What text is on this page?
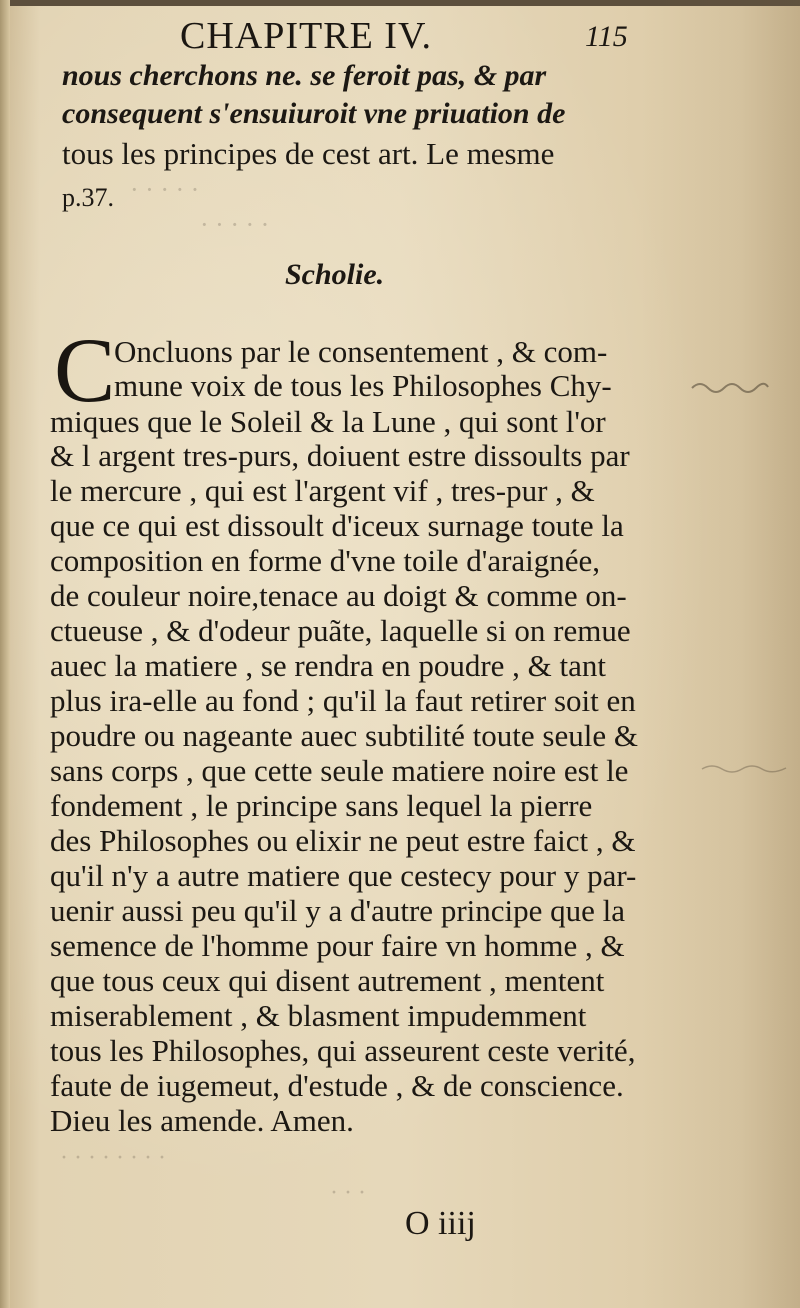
· · · · ·
· · · · ·
· · · · · · · ·
· · ·
CHAPITRE IV.	115
nous cherchons ne. se feroit pas, & par
consequent s'ensuiuroit vne priuation de
tous les principes de cest art. Le mesme
p.37.
Scholie.
C
Oncluons par le consentement , & com-
mune voix de tous les Philosophes Chy-
miques que le Soleil & la Lune , qui sont l'or
& l argent tres-purs, doiuent estre dissoults par
le mercure , qui est l'argent vif , tres-pur , &
que ce qui est dissoult d'iceux surnage toute la
composition en forme d'vne toile d'araignée,
de couleur noire,tenace au doigt & comme on-
ctueuse , & d'odeur puãte, laquelle si on remue
auec la matiere , se rendra en poudre , & tant
plus ira-elle au fond ; qu'il la faut retirer soit en
poudre ou nageante auec subtilité toute seule &
sans corps , que cette seule matiere noire est le
fondement , le principe sans lequel la pierre
des Philosophes ou elixir ne peut estre faict , &
qu'il n'y a autre matiere que cestecy pour y par-
uenir aussi peu qu'il y a d'autre principe que la
semence de l'homme pour faire vn homme , &
que tous ceux qui disent autrement , mentent
miserablement , & blasment impudemment
tous les Philosophes, qui asseurent ceste verité,
faute de iugemeut, d'estude , & de conscience.
Dieu les amende. Amen.
O iiij
